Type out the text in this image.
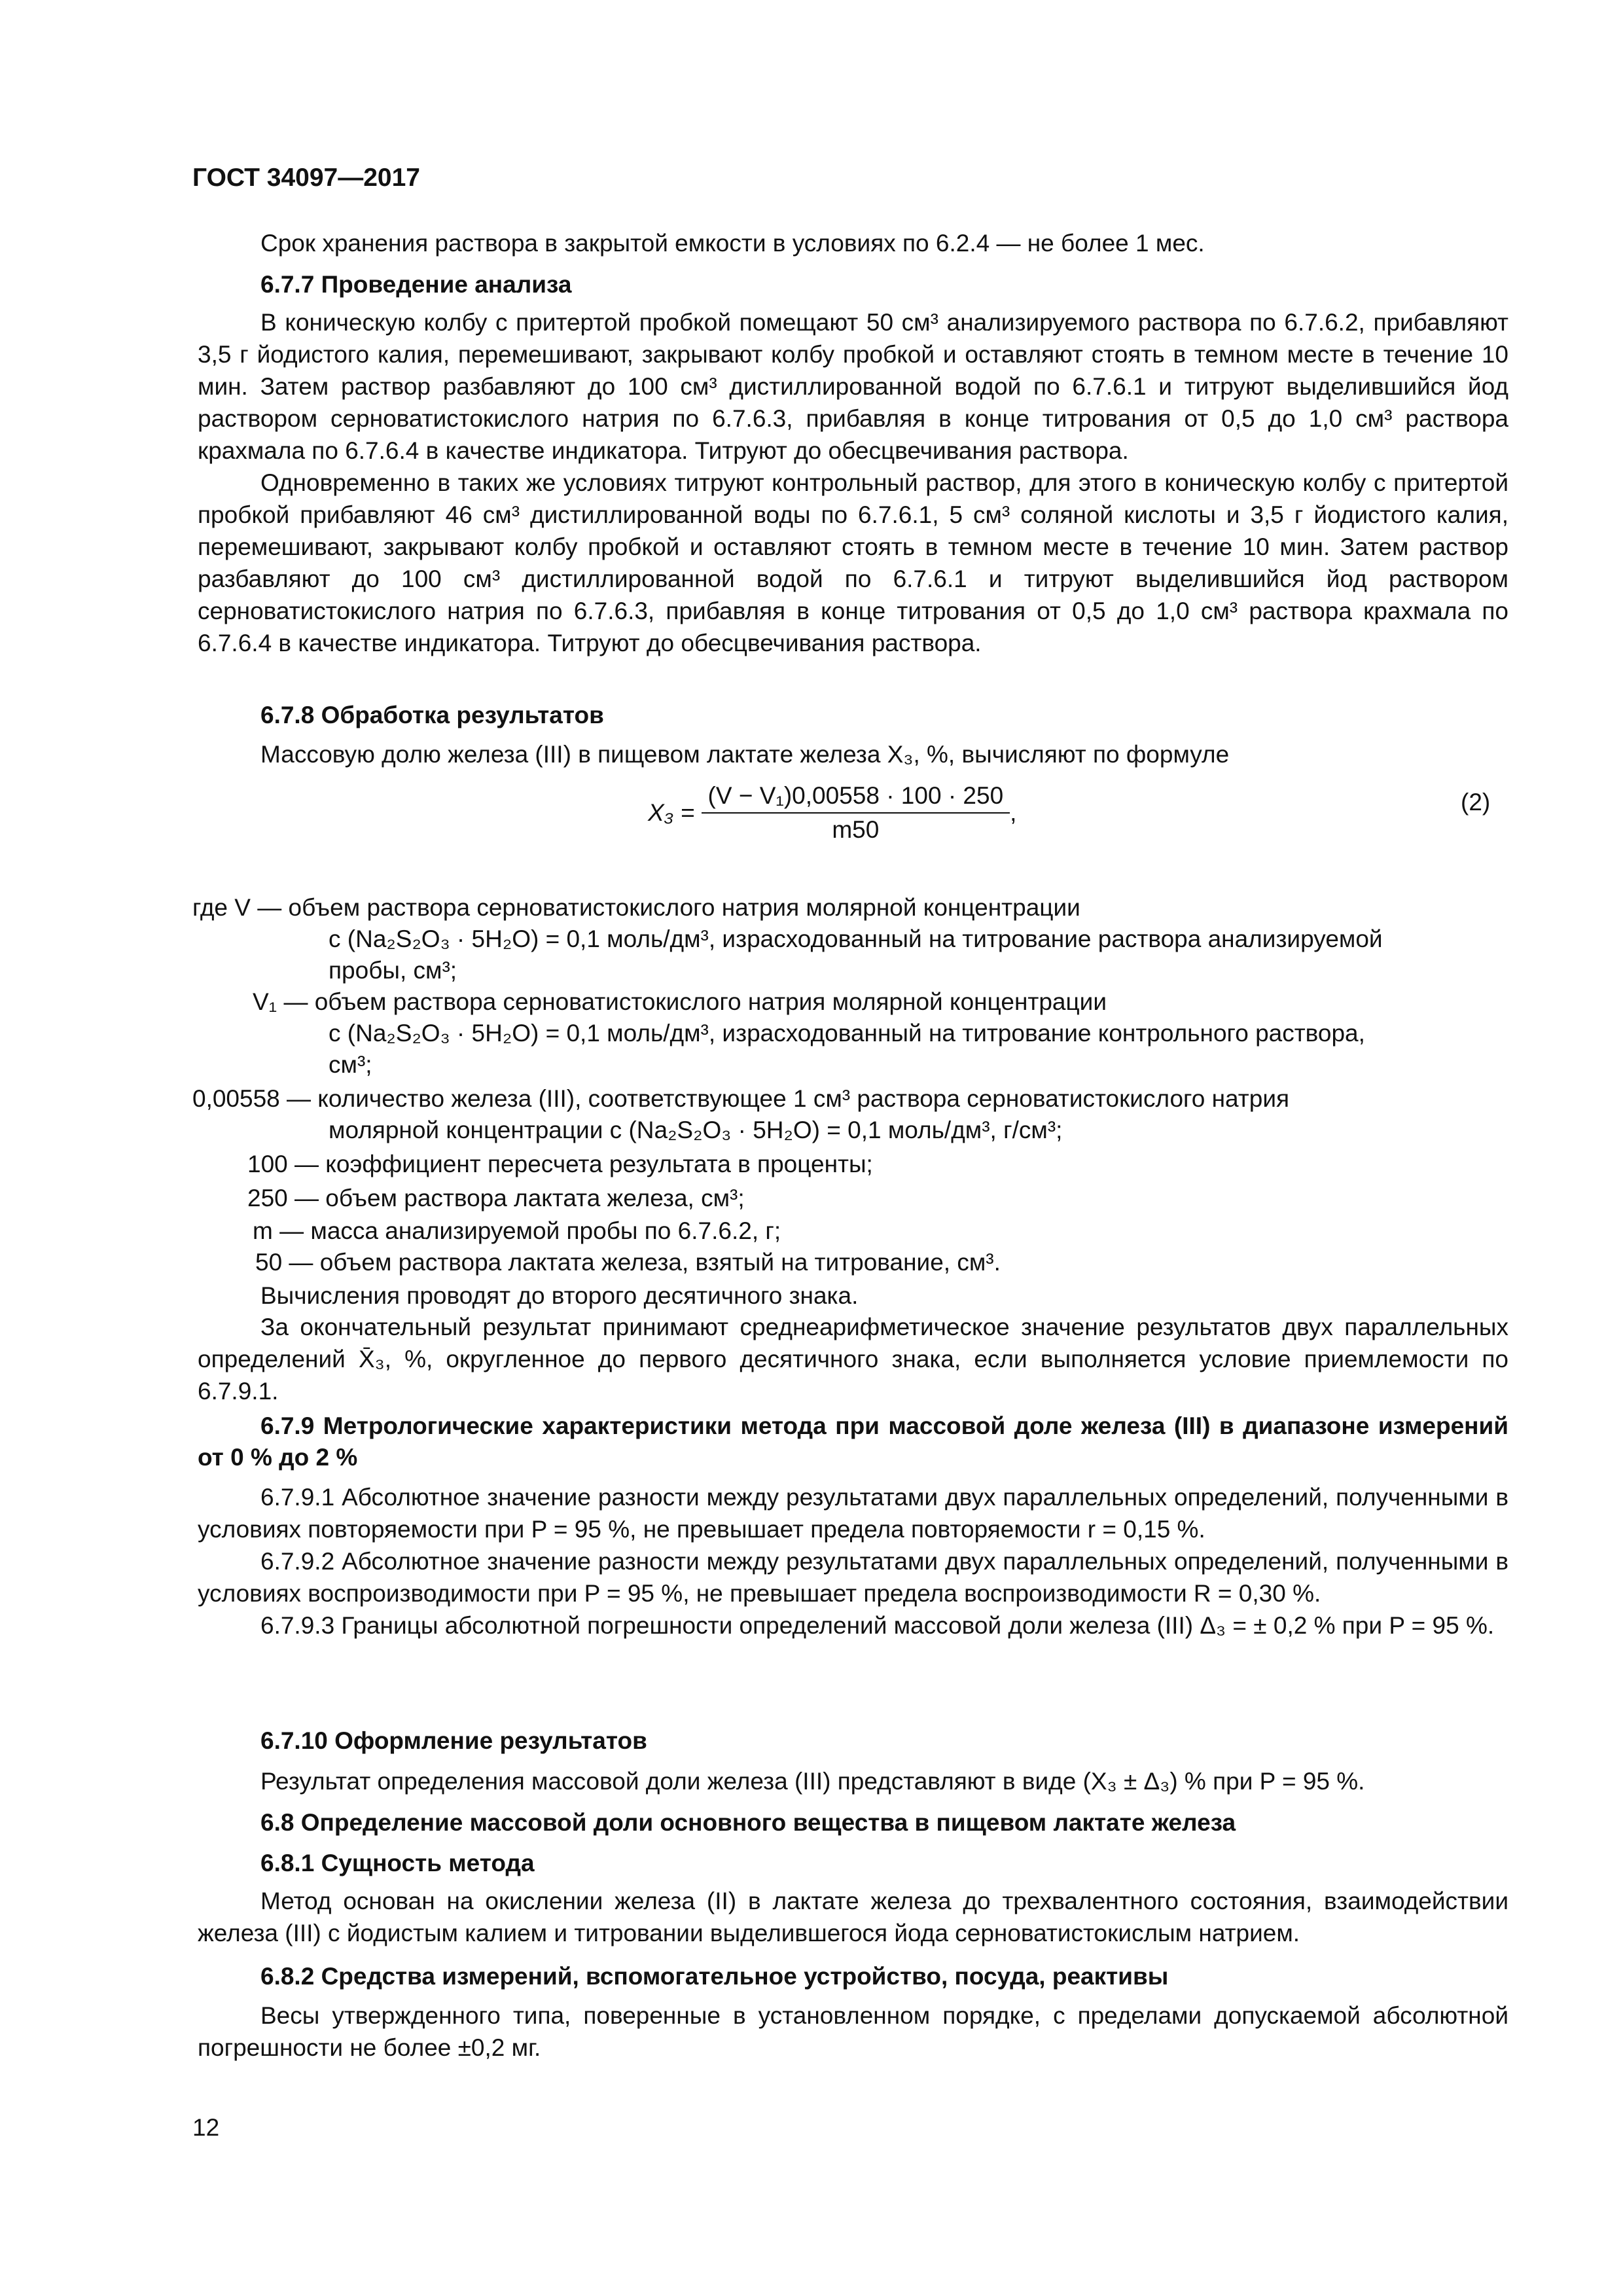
ГОСТ 34097—2017
Срок хранения раствора в закрытой емкости в условиях по 6.2.4 — не более 1 мес.
6.7.7 Проведение анализа

В коническую колбу с притертой пробкой помещают 50 см³ анализируемого раствора по 6.7.6.2, прибавляют 3,5 г йодистого калия, перемешивают, закрывают колбу пробкой и оставляют стоять в темном месте в течение 10 мин. Затем раствор разбавляют до 100 см³ дистиллированной водой по 6.7.6.1 и титруют выделившийся йод раствором серноватистокислого натрия по 6.7.6.3, прибавляя в конце титрования от 0,5 до 1,0 см³ раствора крахмала по 6.7.6.4 в качестве индикатора. Титруют до обесцвечивания раствора.

Одновременно в таких же условиях титруют контрольный раствор, для этого в коническую колбу с притертой пробкой прибавляют 46 см³ дистиллированной воды по 6.7.6.1, 5 см³ соляной кислоты и 3,5 г йодистого калия, перемешивают, закрывают колбу пробкой и оставляют стоять в темном месте в течение 10 мин. Затем раствор разбавляют до 100 см³ дистиллированной водой по 6.7.6.1 и титруют выделившийся йод раствором серноватистокислого натрия по 6.7.6.3, прибавляя в конце титрования от 0,5 до 1,0 см³ раствора крахмала по 6.7.6.4 в качестве индикатора. Титруют до обесцвечивания раствора.

6.7.8 Обработка результатов
Массовую долю железа (III) в пищевом лактате железа X₃, %, вычисляют по формуле
$X_3 = \frac{\text{(V − V₁)0,00558 · 100 · 250}}{m50}$ ,	(2)
где V — объем раствора серноватистокислого натрия молярной концентрации
c (Na₂S₂O₃ · 5H₂O) = 0,1 моль/дм³, израсходованный на титрование раствора анализируемой
пробы, см³;
V₁ — объем раствора серноватистокислого натрия молярной концентрации
c (Na₂S₂O₃ · 5H₂O) = 0,1 моль/дм³, израсходованный на титрование контрольного раствора,
см³;
0,00558 — количество железа (III), соответствующее 1 см³ раствора серноватистокислого натрия
молярной концентрации c (Na₂S₂O₃ · 5H₂O) = 0,1 моль/дм³, г/см³;
100 — коэффициент пересчета результата в проценты;
250 — объем раствора лактата железа, см³;
m — масса анализируемой пробы по 6.7.6.2, г;
50 — объем раствора лактата железа, взятый на титрование, см³.
Вычисления проводят до второго десятичного знака.

За окончательный результат принимают среднеарифметическое значение результатов двух параллельных определений X̄₃, %, округленное до первого десятичного знака, если выполняется условие приемлемости по 6.7.9.1.

6.7.9 Метрологические характеристики метода при массовой доле железа (III) в диапазоне измерений от 0 % до 2 %

6.7.9.1 Абсолютное значение разности между результатами двух параллельных определений, полученными в условиях повторяемости при P = 95 %, не превышает предела повторяемости r = 0,15 %.

6.7.9.2 Абсолютное значение разности между результатами двух параллельных определений, полученными в условиях воспроизводимости при P = 95 %, не превышает предела воспроизводимости R = 0,30 %.

6.7.9.3 Границы абсолютной погрешности определений массовой доли железа (III) Δ₃ = ± 0,2 % при P = 95 %.

6.7.10 Оформление результатов
Результат определения массовой доли железа (III) представляют в виде (X₃ ± Δ₃) % при P = 95 %.
6.8 Определение массовой доли основного вещества в пищевом лактате железа
6.8.1 Сущность метода

Метод основан на окислении железа (II) в лактате железа до трехвалентного состояния, взаимодействии железа (III) с йодистым калием и титровании выделившегося йода серноватистокислым натрием.

6.8.2 Средства измерений, вспомогательное устройство, посуда, реактивы

Весы утвержденного типа, поверенные в установленном порядке, с пределами допускаемой абсолютной погрешности не более ±0,2 мг.

12
